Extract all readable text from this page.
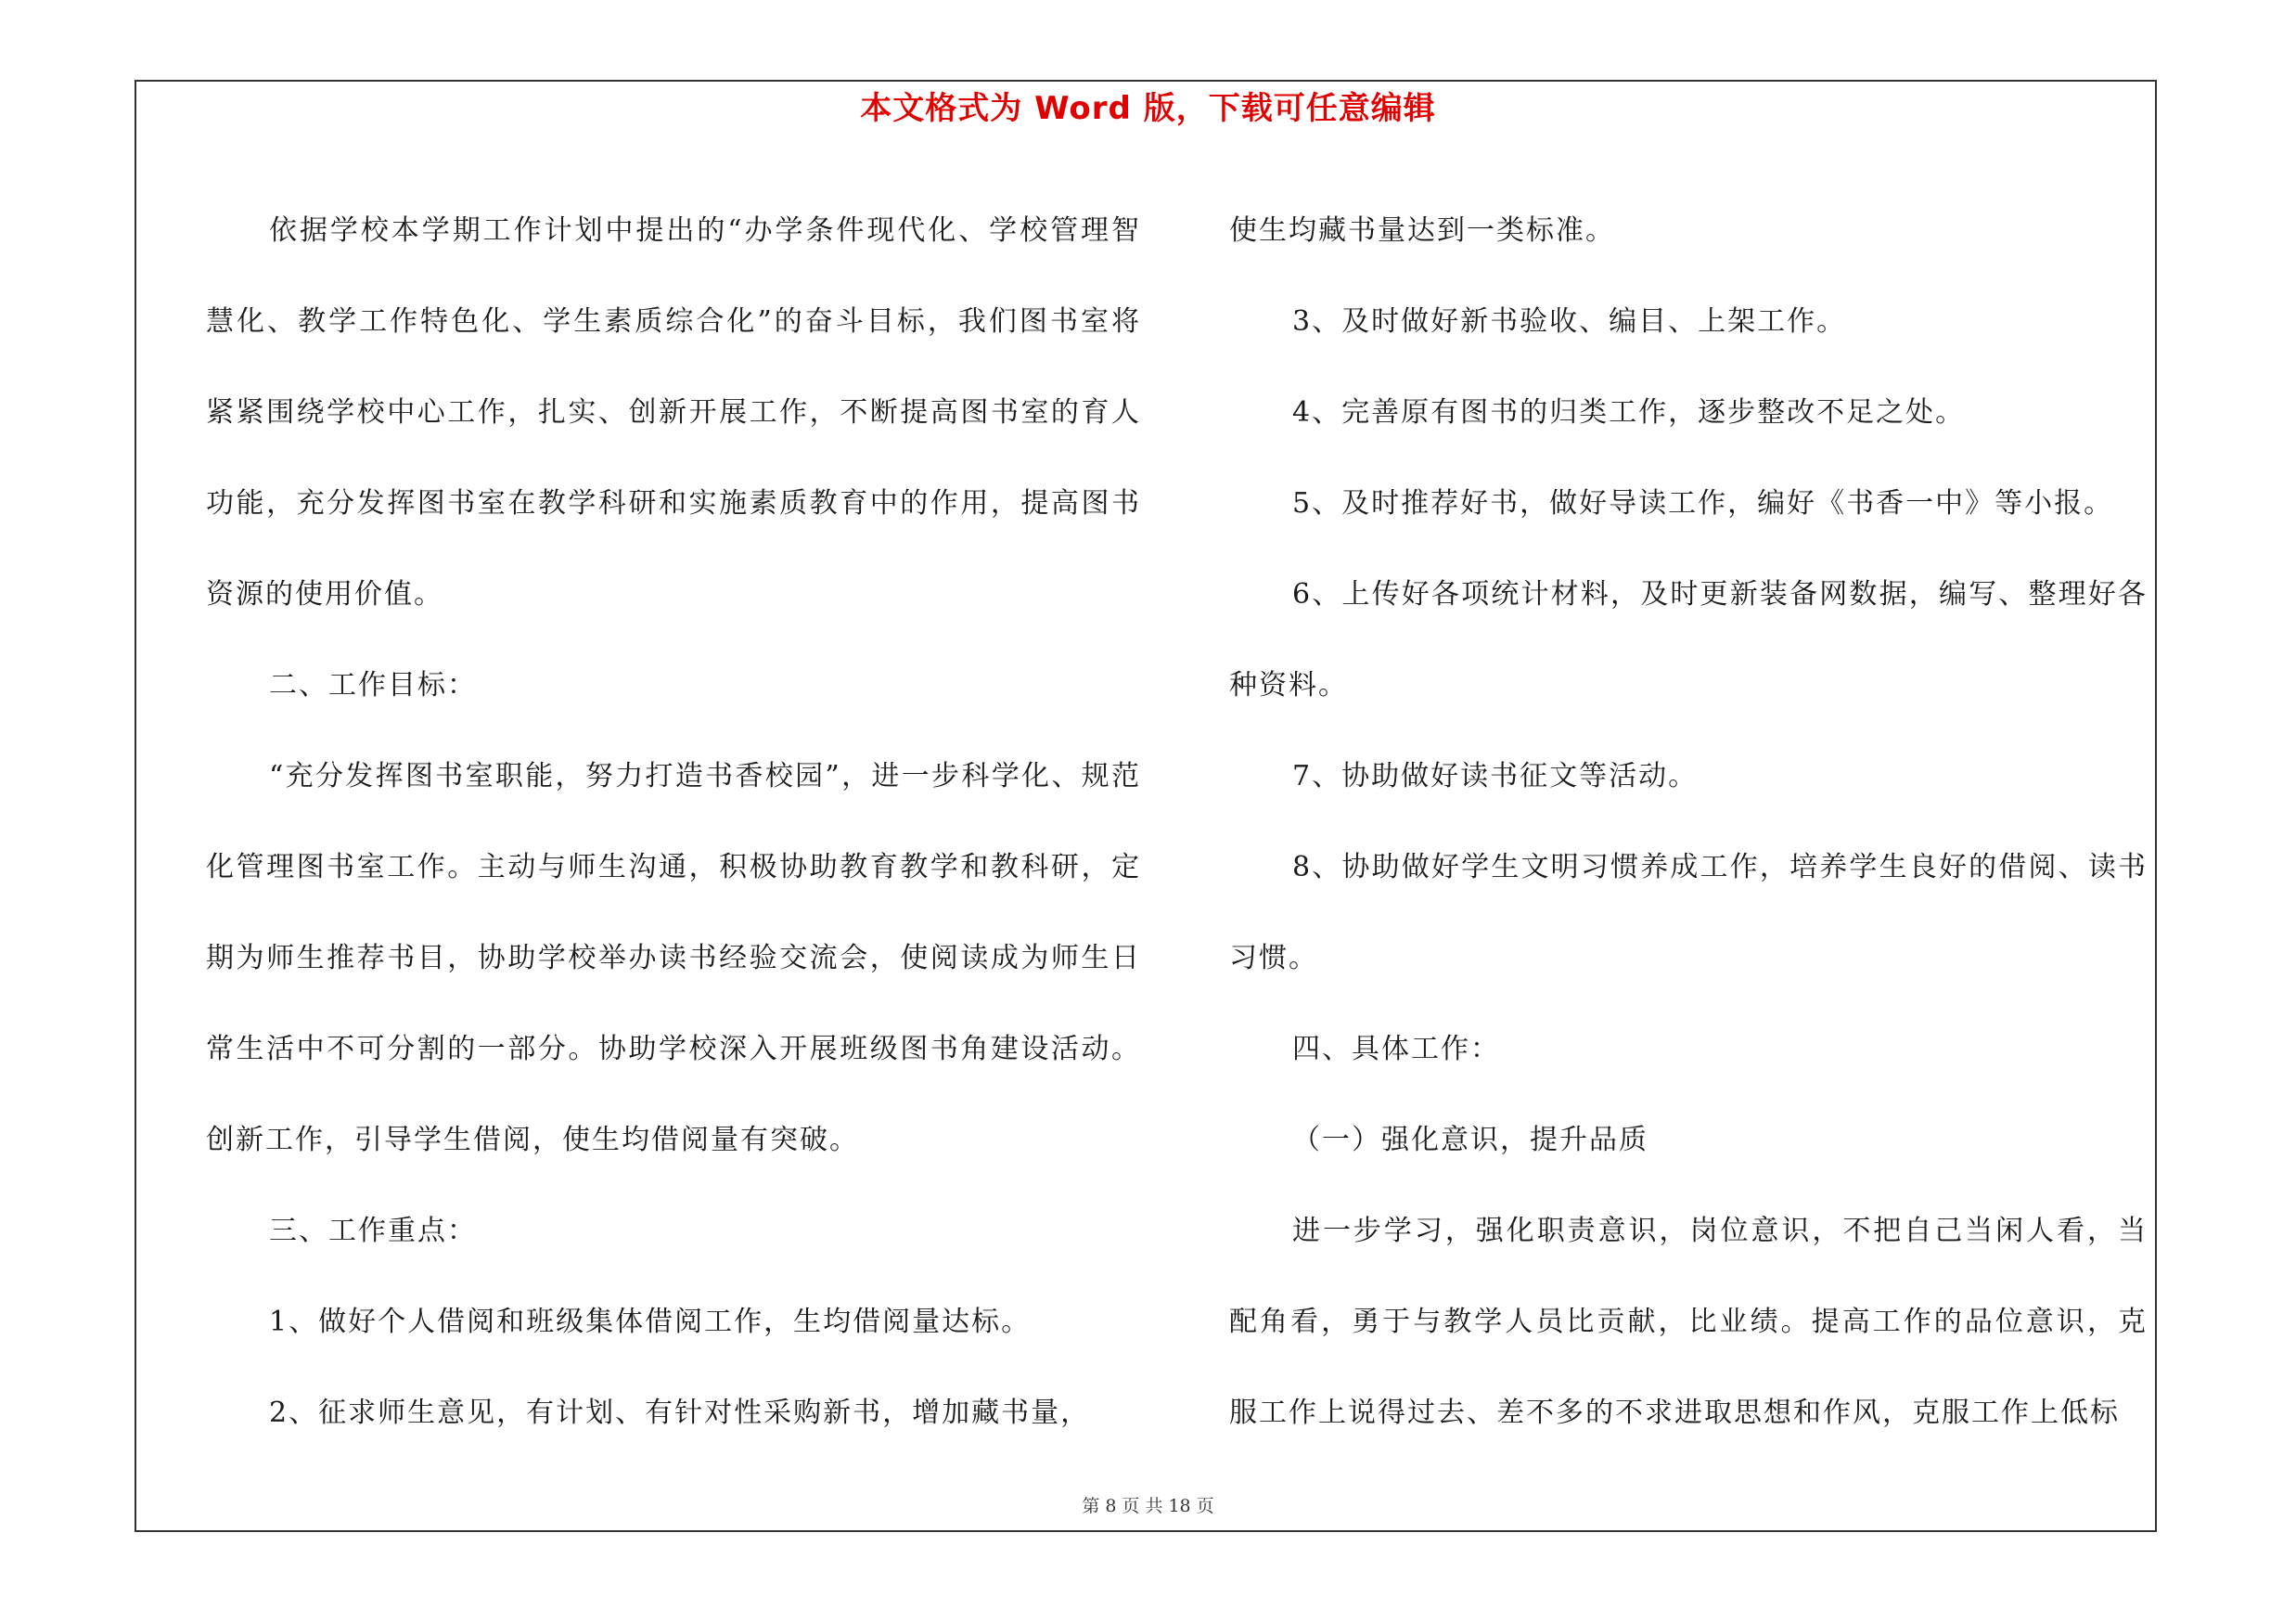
本文格式为 Word 版，下载可任意编辑

依据学校本学期工作计划中提出的“办学条件现代化、学校管理智慧化、教学工作特色化、学生素质综合化”的奋斗目标，我们图书室将紧紧围绕学校中心工作，扎实、创新开展工作，不断提高图书室的育人功能，充分发挥图书室在教学科研和实施素质教育中的作用，提高图书资源的使用价值。

二、工作目标：

“充分发挥图书室职能，努力打造书香校园”，进一步科学化、规范化管理图书室工作。主动与师生沟通，积极协助教育教学和教科研，定期为师生推荐书目，协助学校举办读书经验交流会，使阅读成为师生日常生活中不可分割的一部分。协助学校深入开展班级图书角建设活动。创新工作，引导学生借阅，使生均借阅量有突破。

三、工作重点：

1、做好个人借阅和班级集体借阅工作，生均借阅量达标。

2、征求师生意见，有计划、有针对性采购新书，增加藏书量，

使生均藏书量达到一类标准。

3、及时做好新书验收、编目、上架工作。

4、完善原有图书的归类工作，逐步整改不足之处。

5、及时推荐好书，做好导读工作，编好《书香一中》等小报。

6、上传好各项统计材料，及时更新装备网数据，编写、整理好各种资料。

7、协助做好读书征文等活动。

8、协助做好学生文明习惯养成工作，培养学生良好的借阅、读书习惯。

四、具体工作：

（一）强化意识，提升品质

进一步学习，强化职责意识，岗位意识，不把自己当闲人看，当配角看，勇于与教学人员比贡献，比业绩。提高工作的品位意识，克服工作上说得过去、差不多的不求进取思想和作风，克服工作上低标

第 8 页 共 18 页
